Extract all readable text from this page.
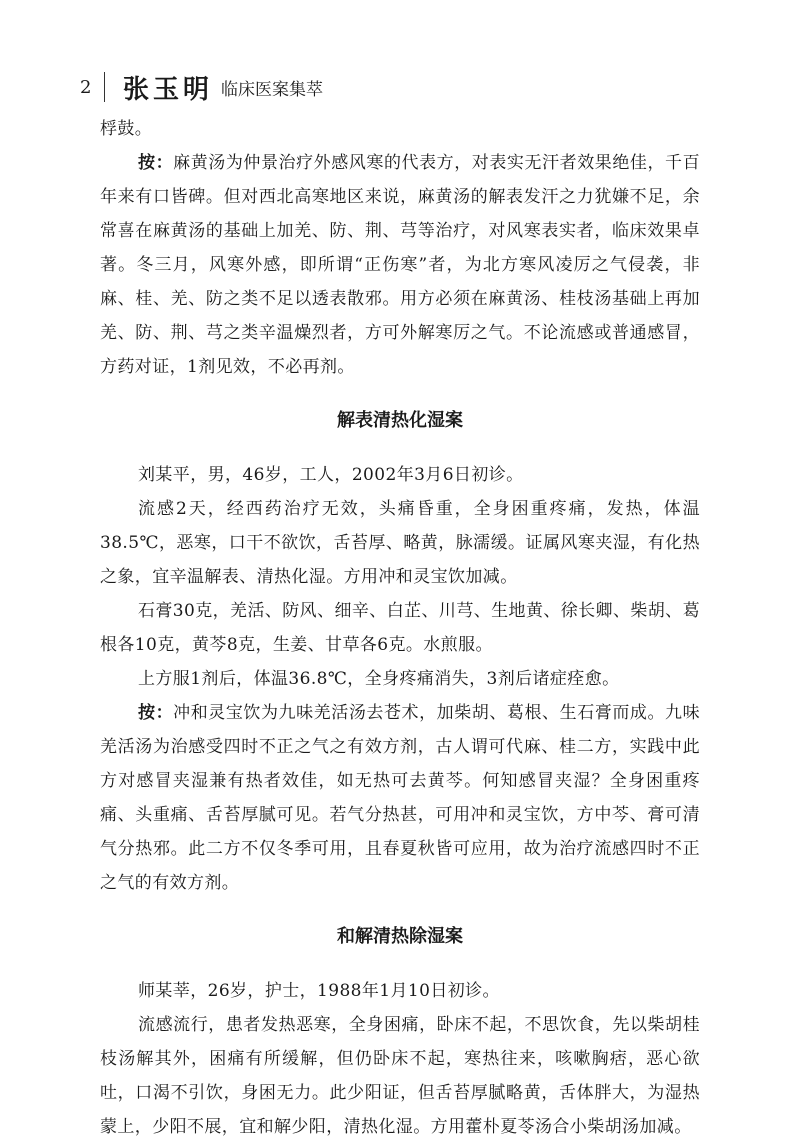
2	张玉明 临床医案集萃

桴鼓。

按：麻黄汤为仲景治疗外感风寒的代表方，对表实无汗者效果绝佳，千百年来有口皆碑。但对西北高寒地区来说，麻黄汤的解表发汗之力犹嫌不足，余常喜在麻黄汤的基础上加羌、防、荆、芎等治疗，对风寒表实者，临床效果卓著。冬三月，风寒外感，即所谓“正伤寒”者，为北方寒风凌厉之气侵袭，非麻、桂、羌、防之类不足以透表散邪。用方必须在麻黄汤、桂枝汤基础上再加羌、防、荆、芎之类辛温燥烈者，方可外解寒厉之气。不论流感或普通感冒，方药对证，1剂见效，不必再剂。

解表清热化湿案

刘某平，男，46岁，工人，2002年3月6日初诊。

流感2天，经西药治疗无效，头痛昏重，全身困重疼痛，发热，体温38.5℃，恶寒，口干不欲饮，舌苔厚、略黄，脉濡缓。证属风寒夹湿，有化热之象，宜辛温解表、清热化湿。方用冲和灵宝饮加减。

石膏30克，羌活、防风、细辛、白芷、川芎、生地黄、徐长卿、柴胡、葛根各10克，黄芩8克，生姜、甘草各6克。水煎服。

上方服1剂后，体温36.8℃，全身疼痛消失，3剂后诸症痊愈。

按：冲和灵宝饮为九味羌活汤去苍术，加柴胡、葛根、生石膏而成。九味羌活汤为治感受四时不正之气之有效方剂，古人谓可代麻、桂二方，实践中此方对感冒夹湿兼有热者效佳，如无热可去黄芩。何知感冒夹湿？全身困重疼痛、头重痛、舌苔厚腻可见。若气分热甚，可用冲和灵宝饮，方中芩、膏可清气分热邪。此二方不仅冬季可用，且春夏秋皆可应用，故为治疗流感四时不正之气的有效方剂。

和解清热除湿案

师某莘，26岁，护士，1988年1月10日初诊。

流感流行，患者发热恶寒，全身困痛，卧床不起，不思饮食，先以柴胡桂枝汤解其外，困痛有所缓解，但仍卧床不起，寒热往来，咳嗽胸痞，恶心欲吐，口渴不引饮，身困无力。此少阳证，但舌苔厚腻略黄，舌体胖大，为湿热蒙上，少阳不展，宜和解少阳，清热化湿。方用藿朴夏苓汤合小柴胡汤加减。
